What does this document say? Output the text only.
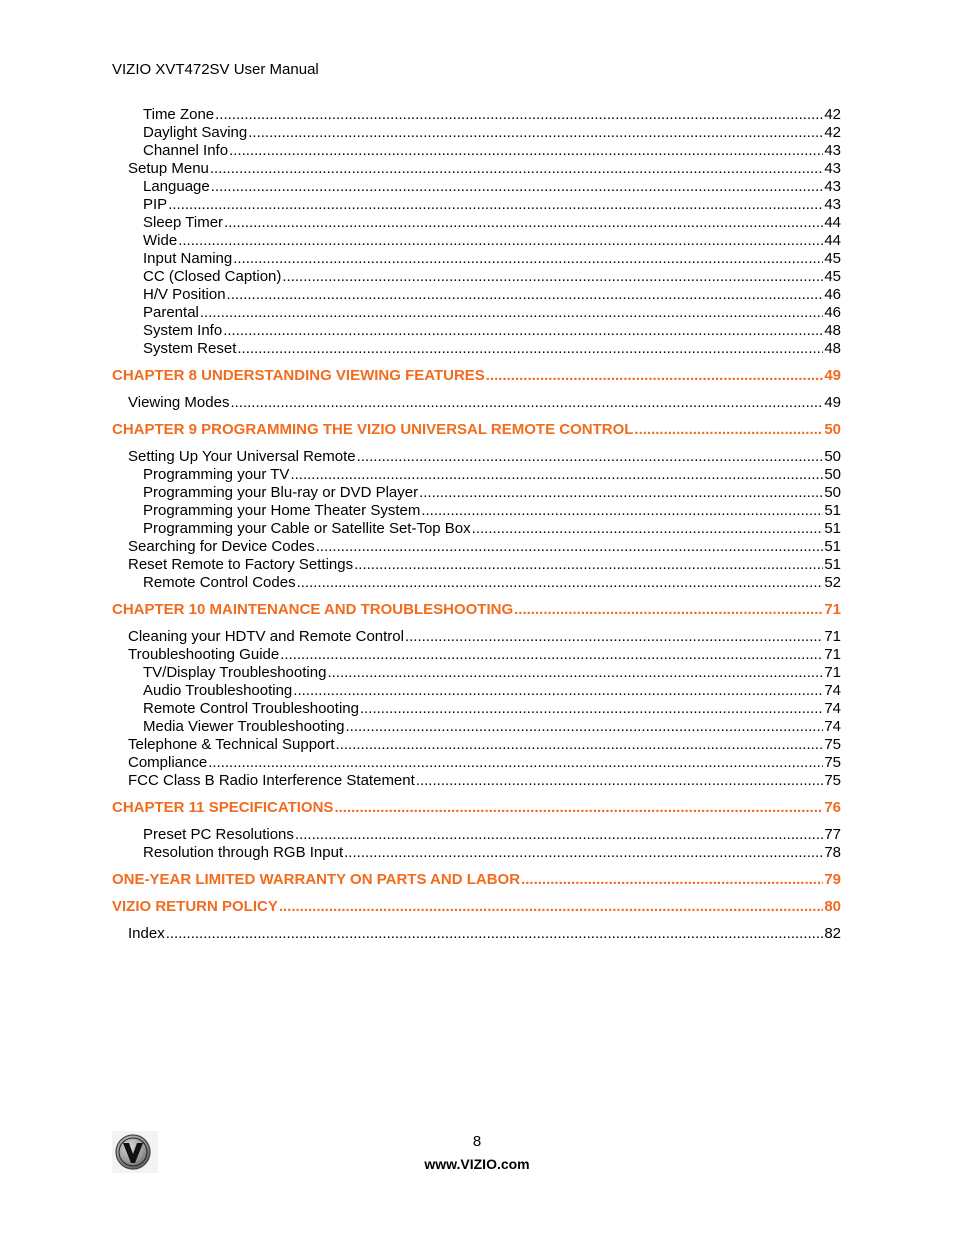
VIZIO XVT472SV User Manual
Time Zone .....	42
Daylight Saving .....	42
Channel Info .....	43
Setup Menu .....	43
Language .....	43
PIP .....	43
Sleep Timer .....	44
Wide .....	44
Input Naming .....	45
CC (Closed Caption) .....	45
H/V Position .....	46
Parental .....	46
System Info .....	48
System Reset .....	48
CHAPTER 8 UNDERSTANDING VIEWING FEATURES .....	49
Viewing Modes .....	49
CHAPTER 9 PROGRAMMING THE VIZIO UNIVERSAL REMOTE CONTROL .....	50
Setting Up Your Universal Remote .....	50
Programming your TV .....	50
Programming your Blu-ray or DVD Player .....	50
Programming your Home Theater System .....	51
Programming your Cable or Satellite Set-Top Box .....	51
Searching for Device Codes .....	51
Reset Remote to Factory Settings .....	51
Remote Control Codes .....	52
CHAPTER 10 MAINTENANCE AND TROUBLESHOOTING .....	71
Cleaning your HDTV and Remote Control .....	71
Troubleshooting Guide .....	71
TV/Display Troubleshooting .....	71
Audio Troubleshooting .....	74
Remote Control Troubleshooting .....	74
Media Viewer Troubleshooting .....	74
Telephone & Technical Support .....	75
Compliance .....	75
FCC Class B Radio Interference Statement .....	75
CHAPTER 11 SPECIFICATIONS .....	76
Preset PC Resolutions .....	77
Resolution through RGB Input .....	78
ONE-YEAR LIMITED WARRANTY ON PARTS AND LABOR .....	79
VIZIO RETURN POLICY .....	80
Index .....	82
8
www.VIZIO.com
